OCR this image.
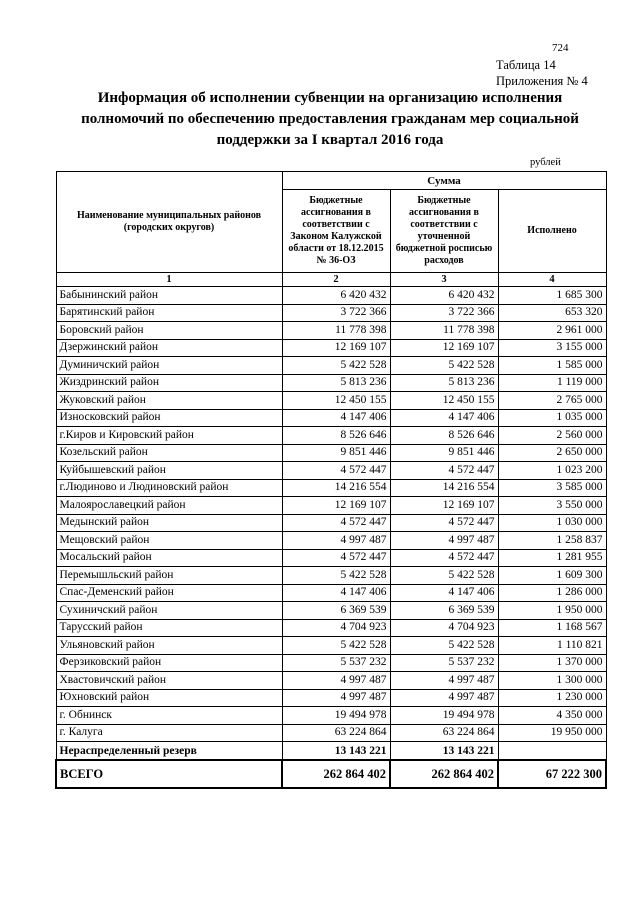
724
Таблица 14
Приложения № 4
Информация об исполнении субвенции на организацию исполнения полномочий по обеспечению предоставления гражданам мер социальной поддержки за I квартал 2016 года
рублей
Наименование муниципальных районов (городских округов)	Сумма		
	Бюджетные ассигнования в соответствии с Законом Калужской области от 18.12.2015 № 36-ОЗ	Бюджетные ассигнования в соответствии с уточненной бюджетной росписью расходов	Исполнено
1	2	3	4
Бабынинский район	6 420 432	6 420 432	1 685 300
Барятинский район	3 722 366	3 722 366	653 320
Боровский район	11 778 398	11 778 398	2 961 000
Дзержинский район	12 169 107	12 169 107	3 155 000
Думиничский район	5 422 528	5 422 528	1 585 000
Жиздринский район	5 813 236	5 813 236	1 119 000
Жуковский район	12 450 155	12 450 155	2 765 000
Износковский район	4 147 406	4 147 406	1 035 000
г.Киров и Кировский район	8 526 646	8 526 646	2 560 000
Козельский район	9 851 446	9 851 446	2 650 000
Куйбышевский район	4 572 447	4 572 447	1 023 200
г.Людиново и Людиновский район	14 216 554	14 216 554	3 585 000
Малоярославецкий район	12 169 107	12 169 107	3 550 000
Медынский район	4 572 447	4 572 447	1 030 000
Мещовский район	4 997 487	4 997 487	1 258 837
Мосальский район	4 572 447	4 572 447	1 281 955
Перемышльский район	5 422 528	5 422 528	1 609 300
Спас-Деменский район	4 147 406	4 147 406	1 286 000
Сухиничский район	6 369 539	6 369 539	1 950 000
Тарусский район	4 704 923	4 704 923	1 168 567
Ульяновский район	5 422 528	5 422 528	1 110 821
Ферзиковский район	5 537 232	5 537 232	1 370 000
Хвастовичский район	4 997 487	4 997 487	1 300 000
Юхновский район	4 997 487	4 997 487	1 230 000
г. Обнинск	19 494 978	19 494 978	4 350 000
г. Калуга	63 224 864	63 224 864	19 950 000
Нераспределенный резерв	13 143 221	13 143 221	
ВСЕГО	262 864 402	262 864 402	67 222 300
